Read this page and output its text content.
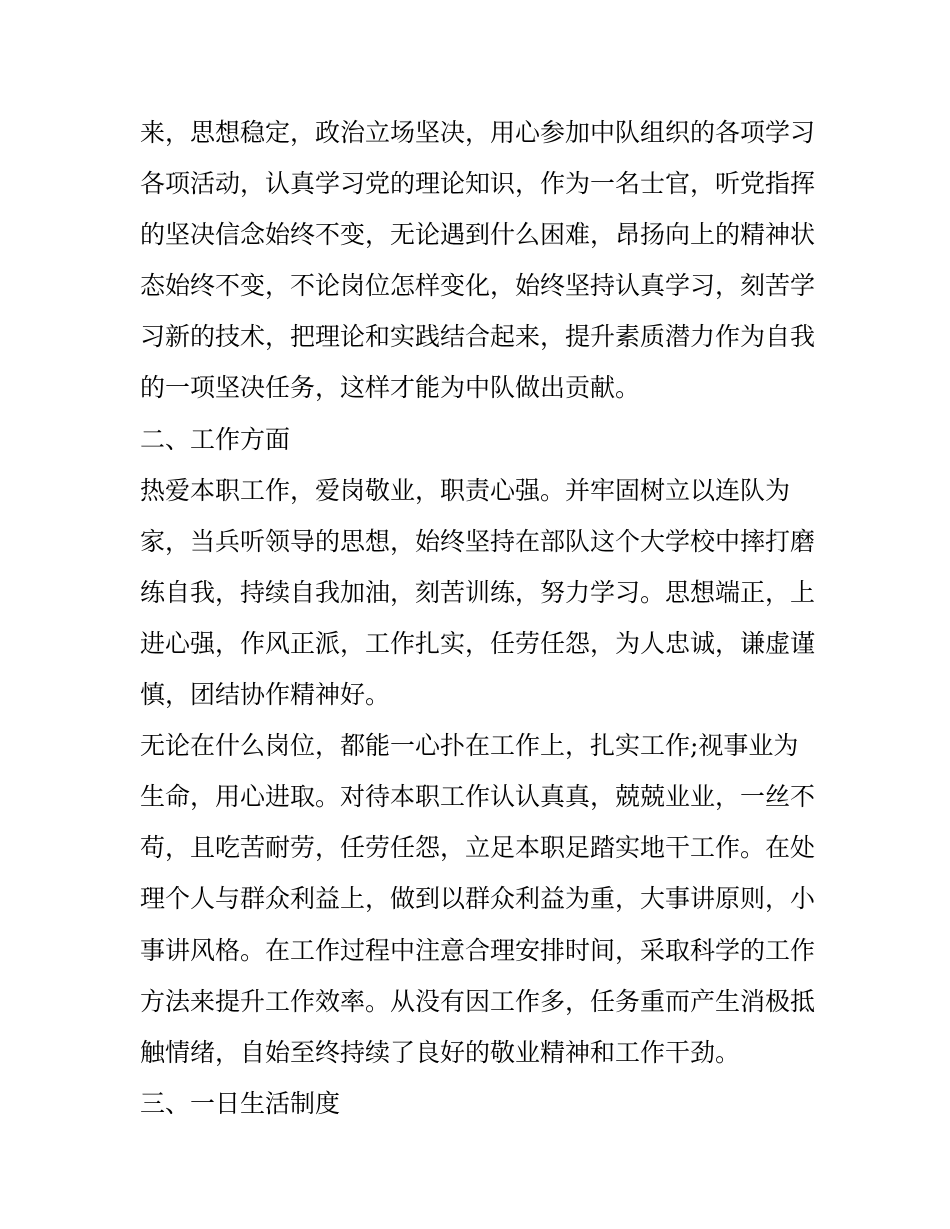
来，思想稳定，政治立场坚决，用心参加中队组织的各项学习
各项活动，认真学习党的理论知识，作为一名士官，听党指挥
的坚决信念始终不变，无论遇到什么困难，昂扬向上的精神状
态始终不变，不论岗位怎样变化，始终坚持认真学习，刻苦学
习新的技术，把理论和实践结合起来，提升素质潜力作为自我
的一项坚决任务，这样才能为中队做出贡献。
二、工作方面
热爱本职工作，爱岗敬业，职责心强。并牢固树立以连队为
家，当兵听领导的思想，始终坚持在部队这个大学校中摔打磨
练自我，持续自我加油，刻苦训练，努力学习。思想端正，上
进心强，作风正派，工作扎实，任劳任怨，为人忠诚，谦虚谨
慎，团结协作精神好。
无论在什么岗位，都能一心扑在工作上，扎实工作;视事业为
生命，用心进取。对待本职工作认认真真，兢兢业业，一丝不
苟，且吃苦耐劳，任劳任怨，立足本职足踏实地干工作。在处
理个人与群众利益上，做到以群众利益为重，大事讲原则，小
事讲风格。在工作过程中注意合理安排时间，采取科学的工作
方法来提升工作效率。从没有因工作多，任务重而产生消极抵
触情绪，自始至终持续了良好的敬业精神和工作干劲。
三、一日生活制度
